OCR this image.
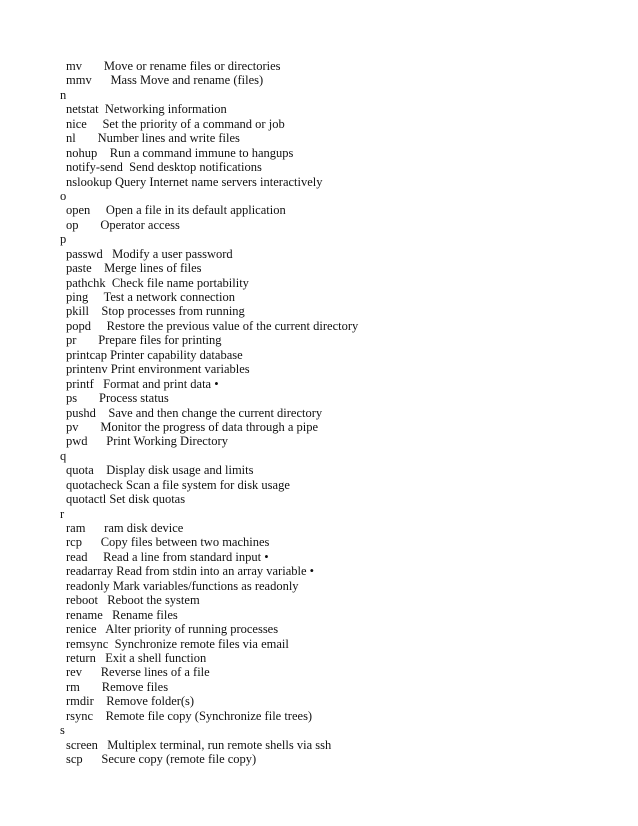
mv       Move or rename files or directories
mmv      Mass Move and rename (files)
n
netstat  Networking information
nice     Set the priority of a command or job
nl       Number lines and write files
nohup    Run a command immune to hangups
notify-send  Send desktop notifications
nslookup Query Internet name servers interactively
o
open     Open a file in its default application
op       Operator access
p
passwd   Modify a user password
paste    Merge lines of files
pathchk  Check file name portability
ping     Test a network connection
pkill    Stop processes from running
popd     Restore the previous value of the current directory
pr       Prepare files for printing
printcap Printer capability database
printenv Print environment variables
printf   Format and print data •
ps       Process status
pushd    Save and then change the current directory
pv       Monitor the progress of data through a pipe
pwd      Print Working Directory
q
quota    Display disk usage and limits
quotacheck Scan a file system for disk usage
quotactl Set disk quotas
r
ram      ram disk device
rcp      Copy files between two machines
read     Read a line from standard input •
readarray Read from stdin into an array variable •
readonly Mark variables/functions as readonly
reboot   Reboot the system
rename   Rename files
renice   Alter priority of running processes
remsync  Synchronize remote files via email
return   Exit a shell function
rev      Reverse lines of a file
rm       Remove files
rmdir    Remove folder(s)
rsync    Remote file copy (Synchronize file trees)
s
screen   Multiplex terminal, run remote shells via ssh
scp      Secure copy (remote file copy)
